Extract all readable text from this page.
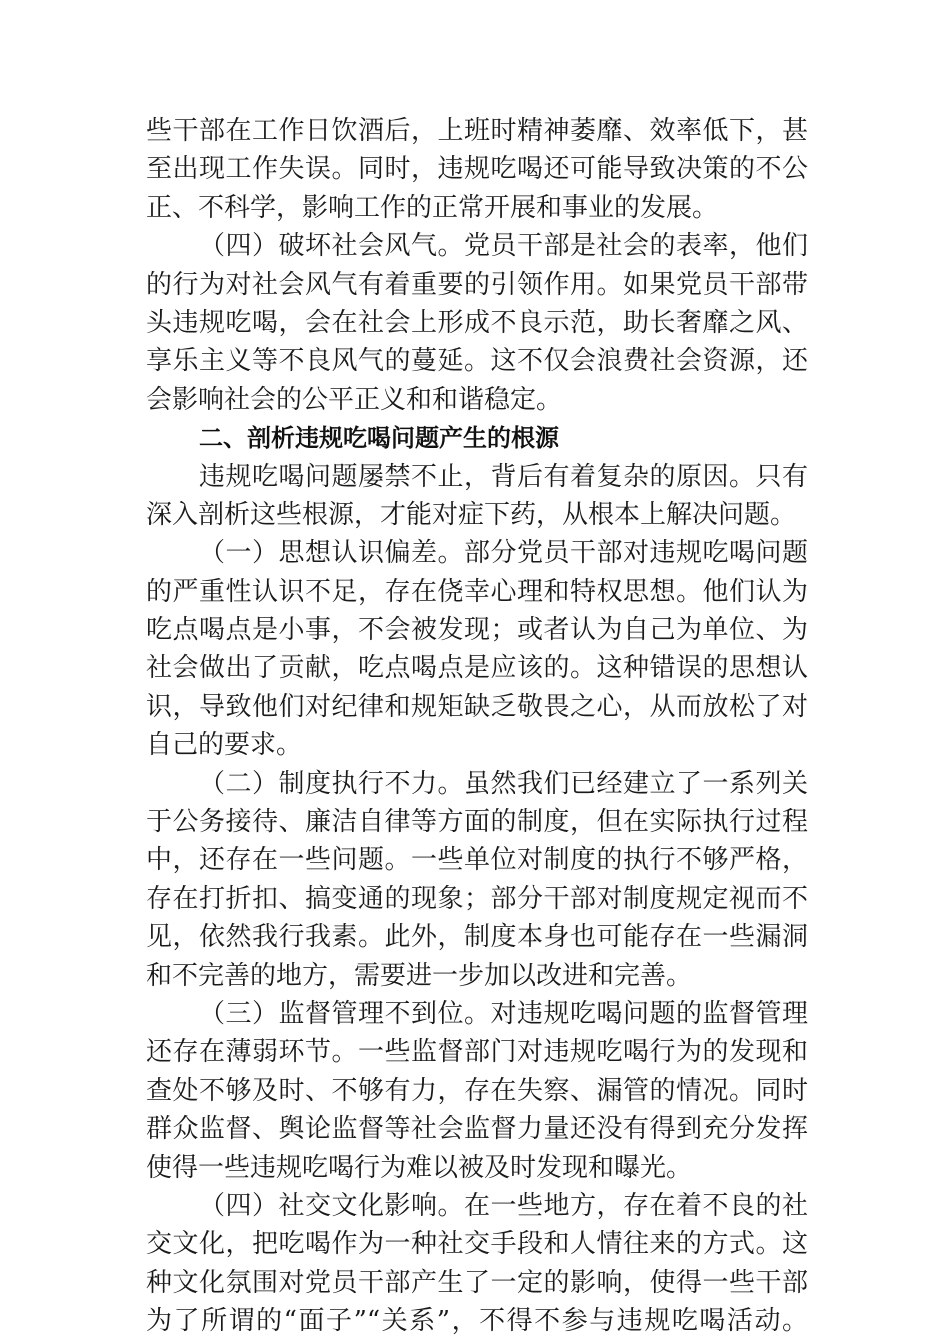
些干部在工作日饮酒后，上班时精神萎靡、效率低下，甚
至出现工作失误。同时，违规吃喝还可能导致决策的不公
正、不科学，影响工作的正常开展和事业的发展。
（四）破坏社会风气。党员干部是社会的表率，他们
的行为对社会风气有着重要的引领作用。如果党员干部带
头违规吃喝，会在社会上形成不良示范，助长奢靡之风、
享乐主义等不良风气的蔓延。这不仅会浪费社会资源，还
会影响社会的公平正义和和谐稳定。
二、剖析违规吃喝问题产生的根源
违规吃喝问题屡禁不止，背后有着复杂的原因。只有
深入剖析这些根源，才能对症下药，从根本上解决问题。
（一）思想认识偏差。部分党员干部对违规吃喝问题
的严重性认识不足，存在侥幸心理和特权思想。他们认为
吃点喝点是小事，不会被发现；或者认为自己为单位、为
社会做出了贡献，吃点喝点是应该的。这种错误的思想认
识，导致他们对纪律和规矩缺乏敬畏之心，从而放松了对
自己的要求。
（二）制度执行不力。虽然我们已经建立了一系列关
于公务接待、廉洁自律等方面的制度，但在实际执行过程
中，还存在一些问题。一些单位对制度的执行不够严格，
存在打折扣、搞变通的现象；部分干部对制度规定视而不
见，依然我行我素。此外，制度本身也可能存在一些漏洞
和不完善的地方，需要进一步加以改进和完善。
（三）监督管理不到位。对违规吃喝问题的监督管理
还存在薄弱环节。一些监督部门对违规吃喝行为的发现和
查处不够及时、不够有力，存在失察、漏管的情况。同时
群众监督、舆论监督等社会监督力量还没有得到充分发挥
使得一些违规吃喝行为难以被及时发现和曝光。
（四）社交文化影响。在一些地方，存在着不良的社
交文化，把吃喝作为一种社交手段和人情往来的方式。这
种文化氛围对党员干部产生了一定的影响，使得一些干部
为了所谓的“面子”“关系”，不得不参与违规吃喝活动。
